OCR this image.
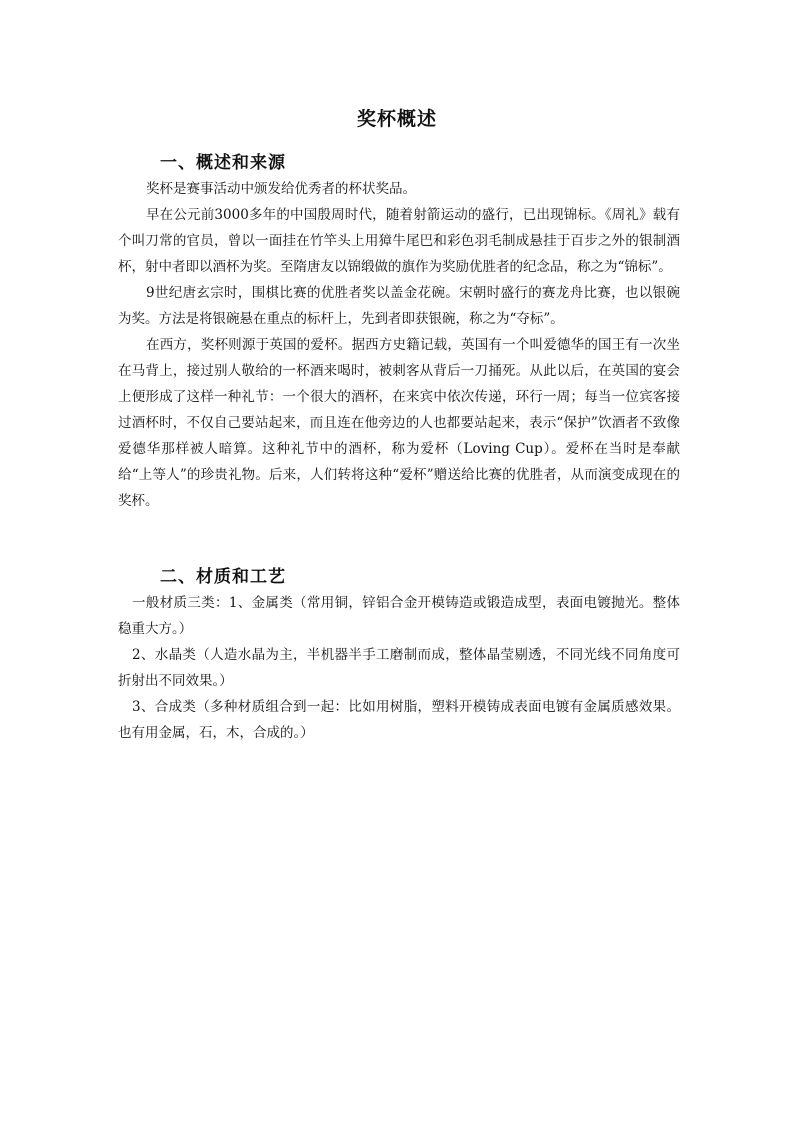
奖杯概述
一、概述和来源

奖杯是赛事活动中颁发给优秀者的杯状奖品。

早在公元前3000多年的中国殷周时代，随着射箭运动的盛行，已出现锦标。《周礼》载有个叫刀常的官员，曾以一面挂在竹竿头上用獐牛尾巴和彩色羽毛制成悬挂于百步之外的银制酒杯，射中者即以酒杯为奖。至隋唐友以锦缎做的旗作为奖励优胜者的纪念品，称之为“锦标”。

9世纪唐玄宗时，围棋比赛的优胜者奖以盖金花碗。宋朝时盛行的赛龙舟比赛，也以银碗为奖。方法是将银碗悬在重点的标杆上，先到者即获银碗，称之为“夺标”。

在西方，奖杯则源于英国的爱杯。据西方史籍记载，英国有一个叫爱德华的国王有一次坐在马背上，接过别人敬给的一杯酒来喝时，被刺客从背后一刀捅死。从此以后，在英国的宴会上便形成了这样一种礼节：一个很大的酒杯，在来宾中依次传递，环行一周；每当一位宾客接过酒杯时，不仅自己要站起来，而且连在他旁边的人也都要站起来，表示“保护”饮酒者不致像爱德华那样被人暗算。这种礼节中的酒杯，称为爱杯（Loving Cup）。爱杯在当时是奉献给“上等人”的珍贵礼物。后来，人们转将这种“爱杯”赠送给比赛的优胜者，从而演变成现在的奖杯。

二、材质和工艺

一般材质三类：1、金属类（常用铜，锌铝合金开模铸造或锻造成型，表面电镀抛光。整体稳重大方。）

2、水晶类（人造水晶为主，半机器半手工磨制而成，整体晶莹剔透，不同光线不同角度可折射出不同效果。）

3、合成类（多种材质组合到一起：比如用树脂，塑料开模铸成表面电镀有金属质感效果。也有用金属，石，木，合成的。）
